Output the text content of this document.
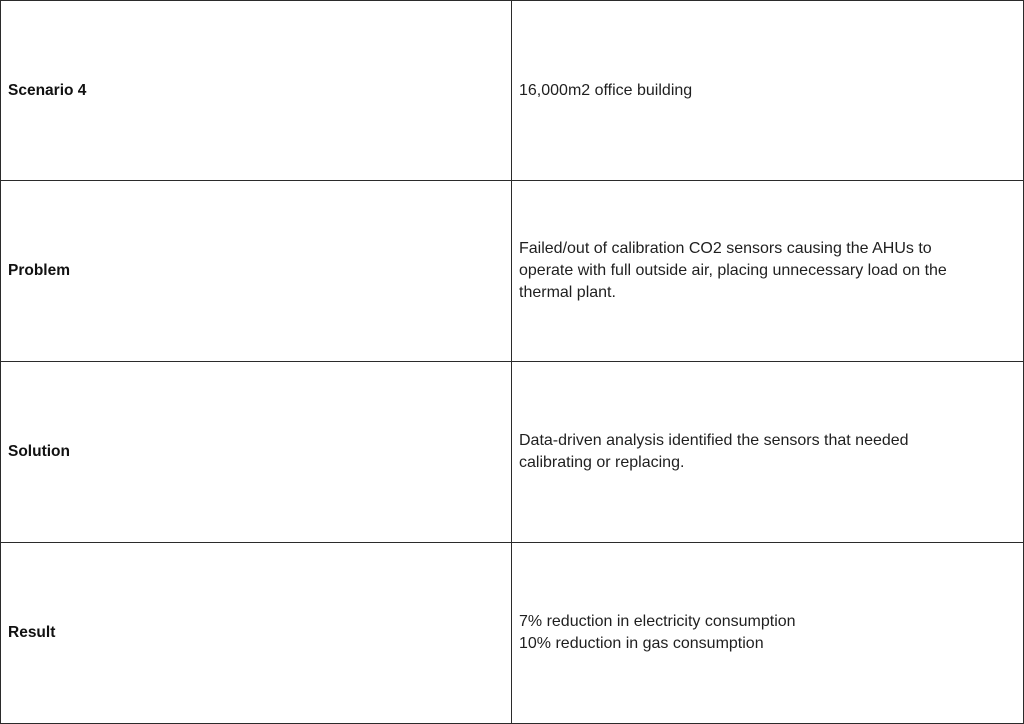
Scenario 4	16,000m2 office building
Problem
Failed/out of calibration CO2 sensors causing the AHUs to
operate with full outside air, placing unnecessary load on the
thermal plant.
Solution
Data-driven analysis identified the sensors that needed
calibrating or replacing.
Result
7% reduction in electricity consumption
10% reduction in gas consumption
